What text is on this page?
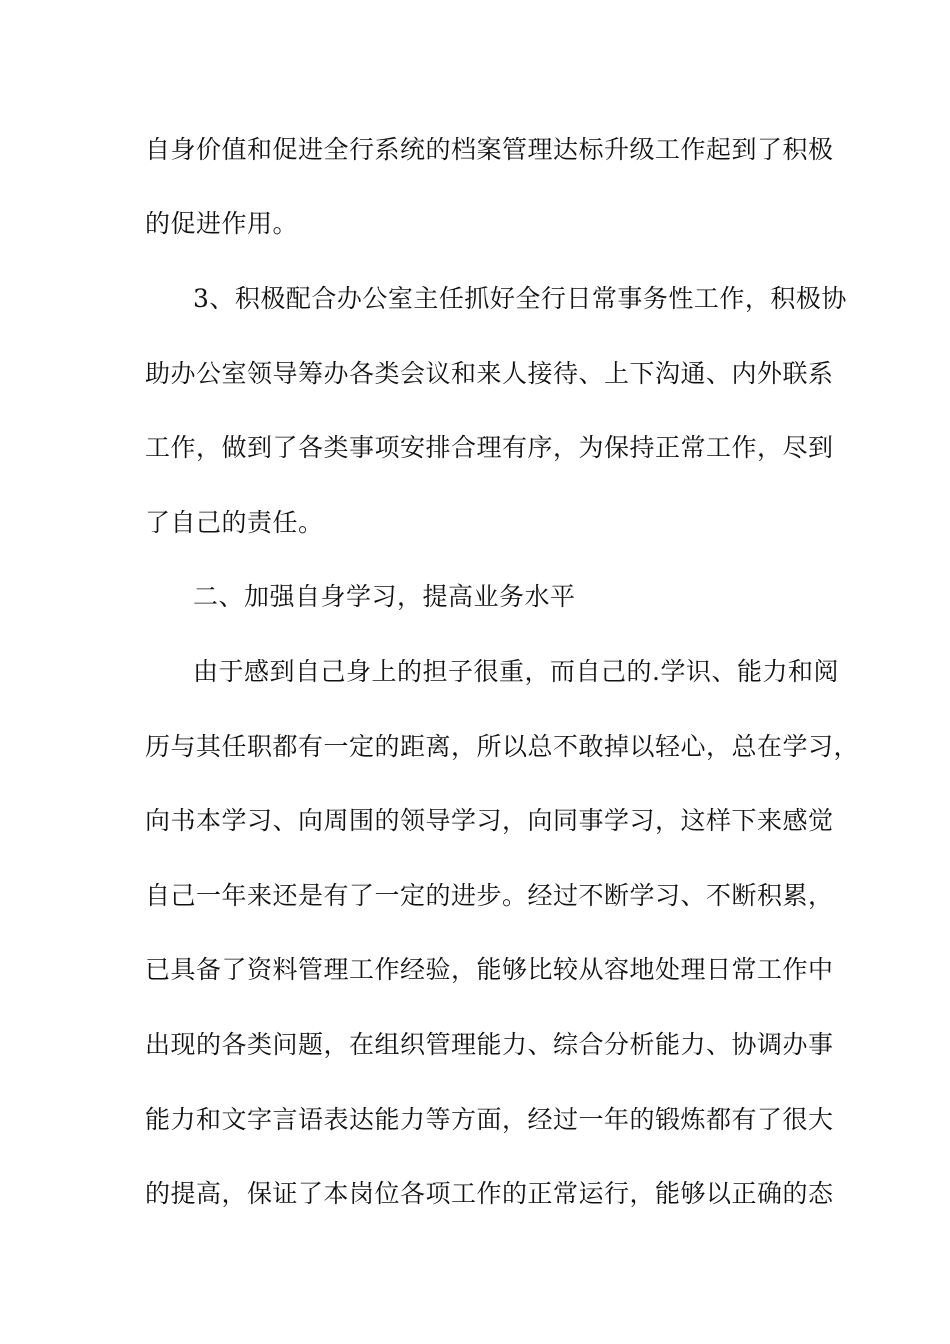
自身价值和促进全行系统的档案管理达标升级工作起到了积极
的促进作用。
3、积极配合办公室主任抓好全行日常事务性工作，积极协
助办公室领导筹办各类会议和来人接待、上下沟通、内外联系
工作，做到了各类事项安排合理有序，为保持正常工作，尽到
了自己的责任。
二、加强自身学习，提高业务水平
由于感到自己身上的担子很重，而自己的.学识、能力和阅
历与其任职都有一定的距离，所以总不敢掉以轻心，总在学习，
向书本学习、向周围的领导学习，向同事学习，这样下来感觉
自己一年来还是有了一定的进步。经过不断学习、不断积累，
已具备了资料管理工作经验，能够比较从容地处理日常工作中
出现的各类问题，在组织管理能力、综合分析能力、协调办事
能力和文字言语表达能力等方面，经过一年的锻炼都有了很大
的提高，保证了本岗位各项工作的正常运行，能够以正确的态
